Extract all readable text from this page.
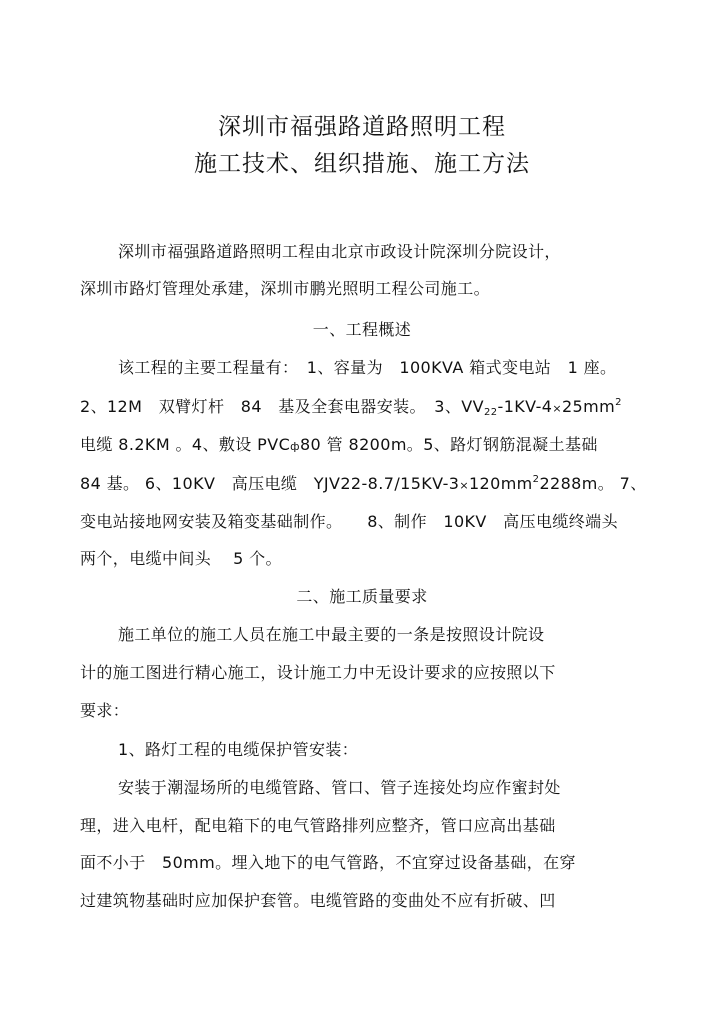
深圳市福强路道路照明工程
施工技术、组织措施、施工方法
深圳市福强路道路照明工程由北京市政设计院深圳分院设计，
深圳市路灯管理处承建，深圳市鹏光照明工程公司施工。
一、工程概述
该工程的主要工程量有：　1、容量为　100KVA 箱式变电站　1 座。
2、12M　双臂灯杆　84　基及全套电器安装。　3、$VV_{22}-1KV-4\times 25mm^2$
电缆 8.2KM 。4、敷设 PVCф80 管 8200m。5、路灯钢筋混凝土基础
84 基。 6、10KV　高压电缆　$YJV22-8.7/15KV-3\times 120mm^22288m$。 7、
变电站接地网安装及箱变基础制作。　　8、制作　10KV　高压电缆终端头
两个，电缆中间头　 5 个。
二、施工质量要求
施工单位的施工人员在施工中最主要的一条是按照设计院设
计的施工图进行精心施工，设计施工力中无设计要求的应按照以下
要求：
1、路灯工程的电缆保护管安装：
安装于潮湿场所的电缆管路、管口、管子连接处均应作蜜封处
理，进入电杆，配电箱下的电气管路排列应整齐，管口应高出基础
面不小于　50mm。埋入地下的电气管路，不宜穿过设备基础，在穿
过建筑物基础时应加保护套管。电缆管路的变曲处不应有折破、凹
